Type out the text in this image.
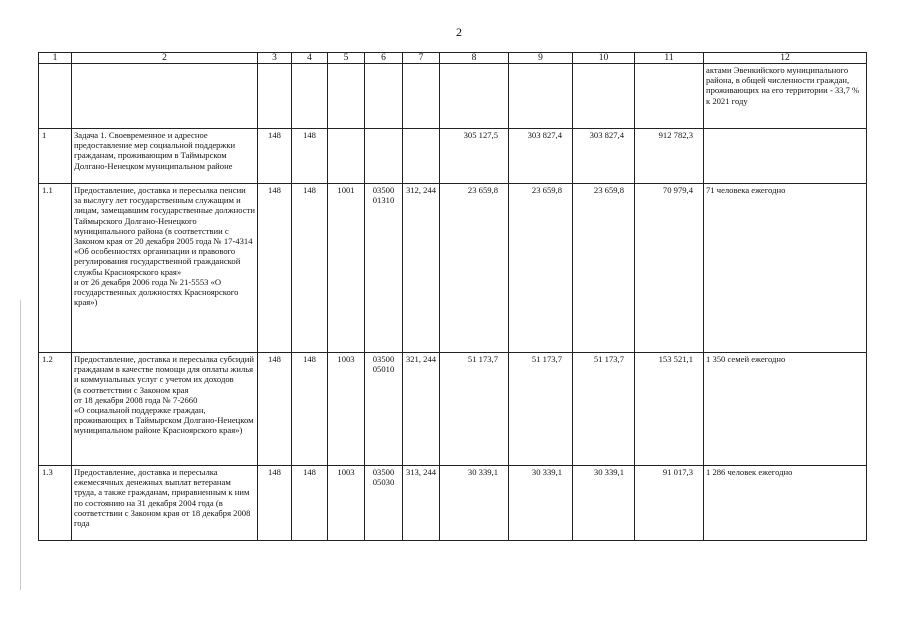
2
1	2	3	4	5	6	7	8	9	10	11	12
											актами Эвенкийского муниципального района, в общей численности граждан, проживающих на его территории - 33,7 % к 2021 году
1	Задача 1. Своевременное и адресное предоставление мер социальной поддержки гражданам, проживающим в Таймырском Долгано-Ненецком муниципальном районе	148	148				305 127,5	303 827,4	303 827,4	912 782,3	
1.1	Предоставление, доставка и пересылка пенсии за выслугу лет государственным служащим и лицам, замещавшим государственные должности Таймырского Долгано-Ненецкого муниципального района (в соответствии с Законом края от 20 декабря 2005 года № 17-4314 «Об особенностях организации и правового регулирования государственной гражданской службы Красноярского края»
и от 26 декабря 2006 года № 21-5553 «О государственных должностях Красноярского края»)	148	148	1001	03500 01310	312, 244	23 659,8	23 659,8	23 659,8	70 979,4	71 человека ежегодно
1.2	Предоставление, доставка и пересылка субсидий гражданам в качестве помощи для оплаты жилья и коммунальных услуг с учетом их доходов
(в соответствии с Законом края
от 18 декабря 2008 года № 7-2660
«О социальной поддержке граждан, проживающих в Таймырском Долгано-Ненецком муниципальном районе Красноярского края»)	148	148	1003	03500 05010	321, 244	51 173,7	51 173,7	51 173,7	153 521,1	1 350 семей ежегодно
1.3	Предоставление, доставка и пересылка ежемесячных денежных выплат ветеранам труда, а также гражданам, приравненным к ним по состоянию на 31 декабря 2004 года (в соответствии с Законом края от 18 декабря 2008 года	148	148	1003	03500 05030	313, 244	30 339,1	30 339,1	30 339,1	91 017,3	1 286 человек ежегодно
